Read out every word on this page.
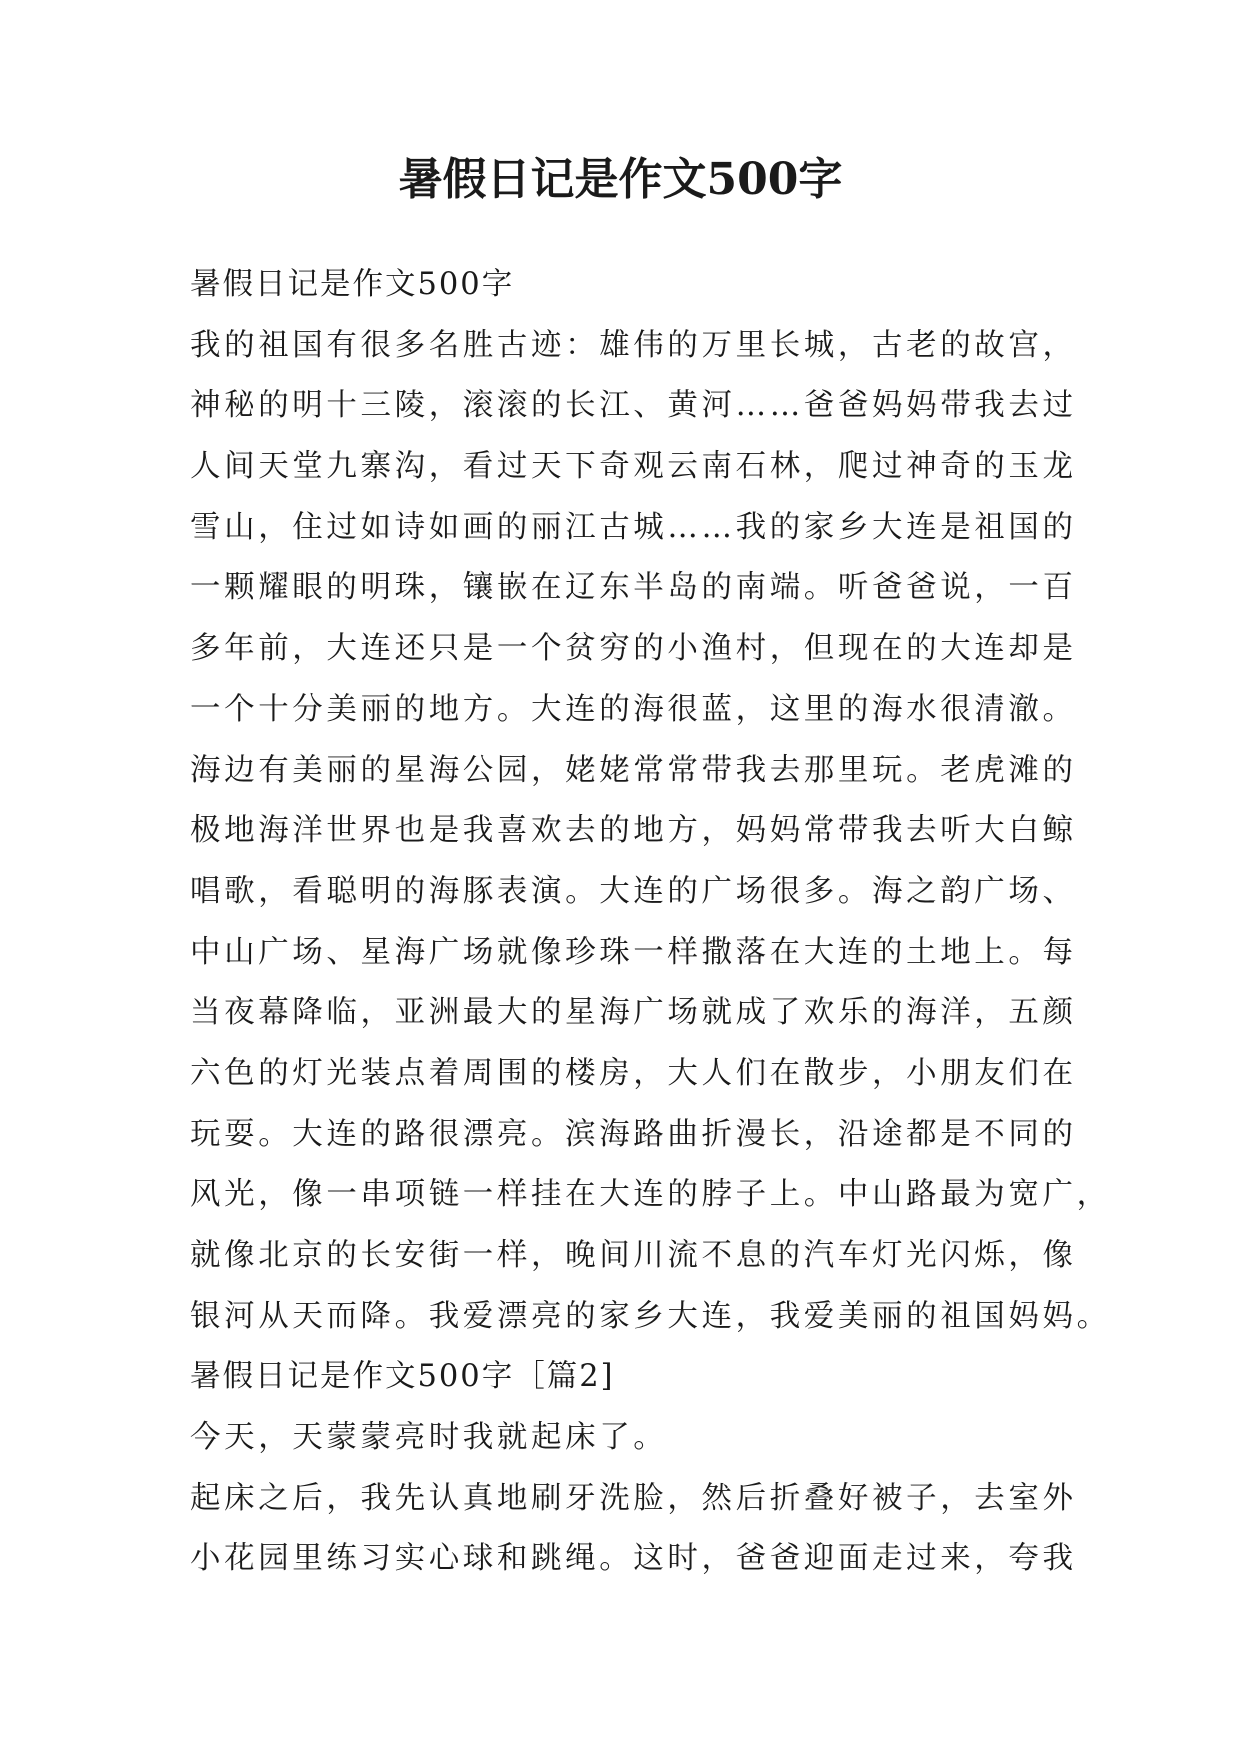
暑假日记是作文500字
暑假日记是作文500字
我的祖国有很多名胜古迹：雄伟的万里长城，古老的故宫，
神秘的明十三陵，滚滚的长江、黄河……爸爸妈妈带我去过
人间天堂九寨沟，看过天下奇观云南石林，爬过神奇的玉龙
雪山，住过如诗如画的丽江古城……我的家乡大连是祖国的
一颗耀眼的明珠，镶嵌在辽东半岛的南端。听爸爸说，一百
多年前，大连还只是一个贫穷的小渔村，但现在的大连却是
一个十分美丽的地方。大连的海很蓝，这里的海水很清澈。
海边有美丽的星海公园，姥姥常常带我去那里玩。老虎滩的
极地海洋世界也是我喜欢去的地方，妈妈常带我去听大白鲸
唱歌，看聪明的海豚表演。大连的广场很多。海之韵广场、
中山广场、星海广场就像珍珠一样撒落在大连的土地上。每
当夜幕降临，亚洲最大的星海广场就成了欢乐的海洋，五颜
六色的灯光装点着周围的楼房，大人们在散步，小朋友们在
玩耍。大连的路很漂亮。滨海路曲折漫长，沿途都是不同的
风光，像一串项链一样挂在大连的脖子上。中山路最为宽广，
就像北京的长安街一样，晚间川流不息的汽车灯光闪烁，像
银河从天而降。我爱漂亮的家乡大连，我爱美丽的祖国妈妈。
暑假日记是作文500字［篇2]
今天，天蒙蒙亮时我就起床了。
起床之后，我先认真地刷牙洗脸，然后折叠好被子，去室外
小花园里练习实心球和跳绳。这时，爸爸迎面走过来，夸我
